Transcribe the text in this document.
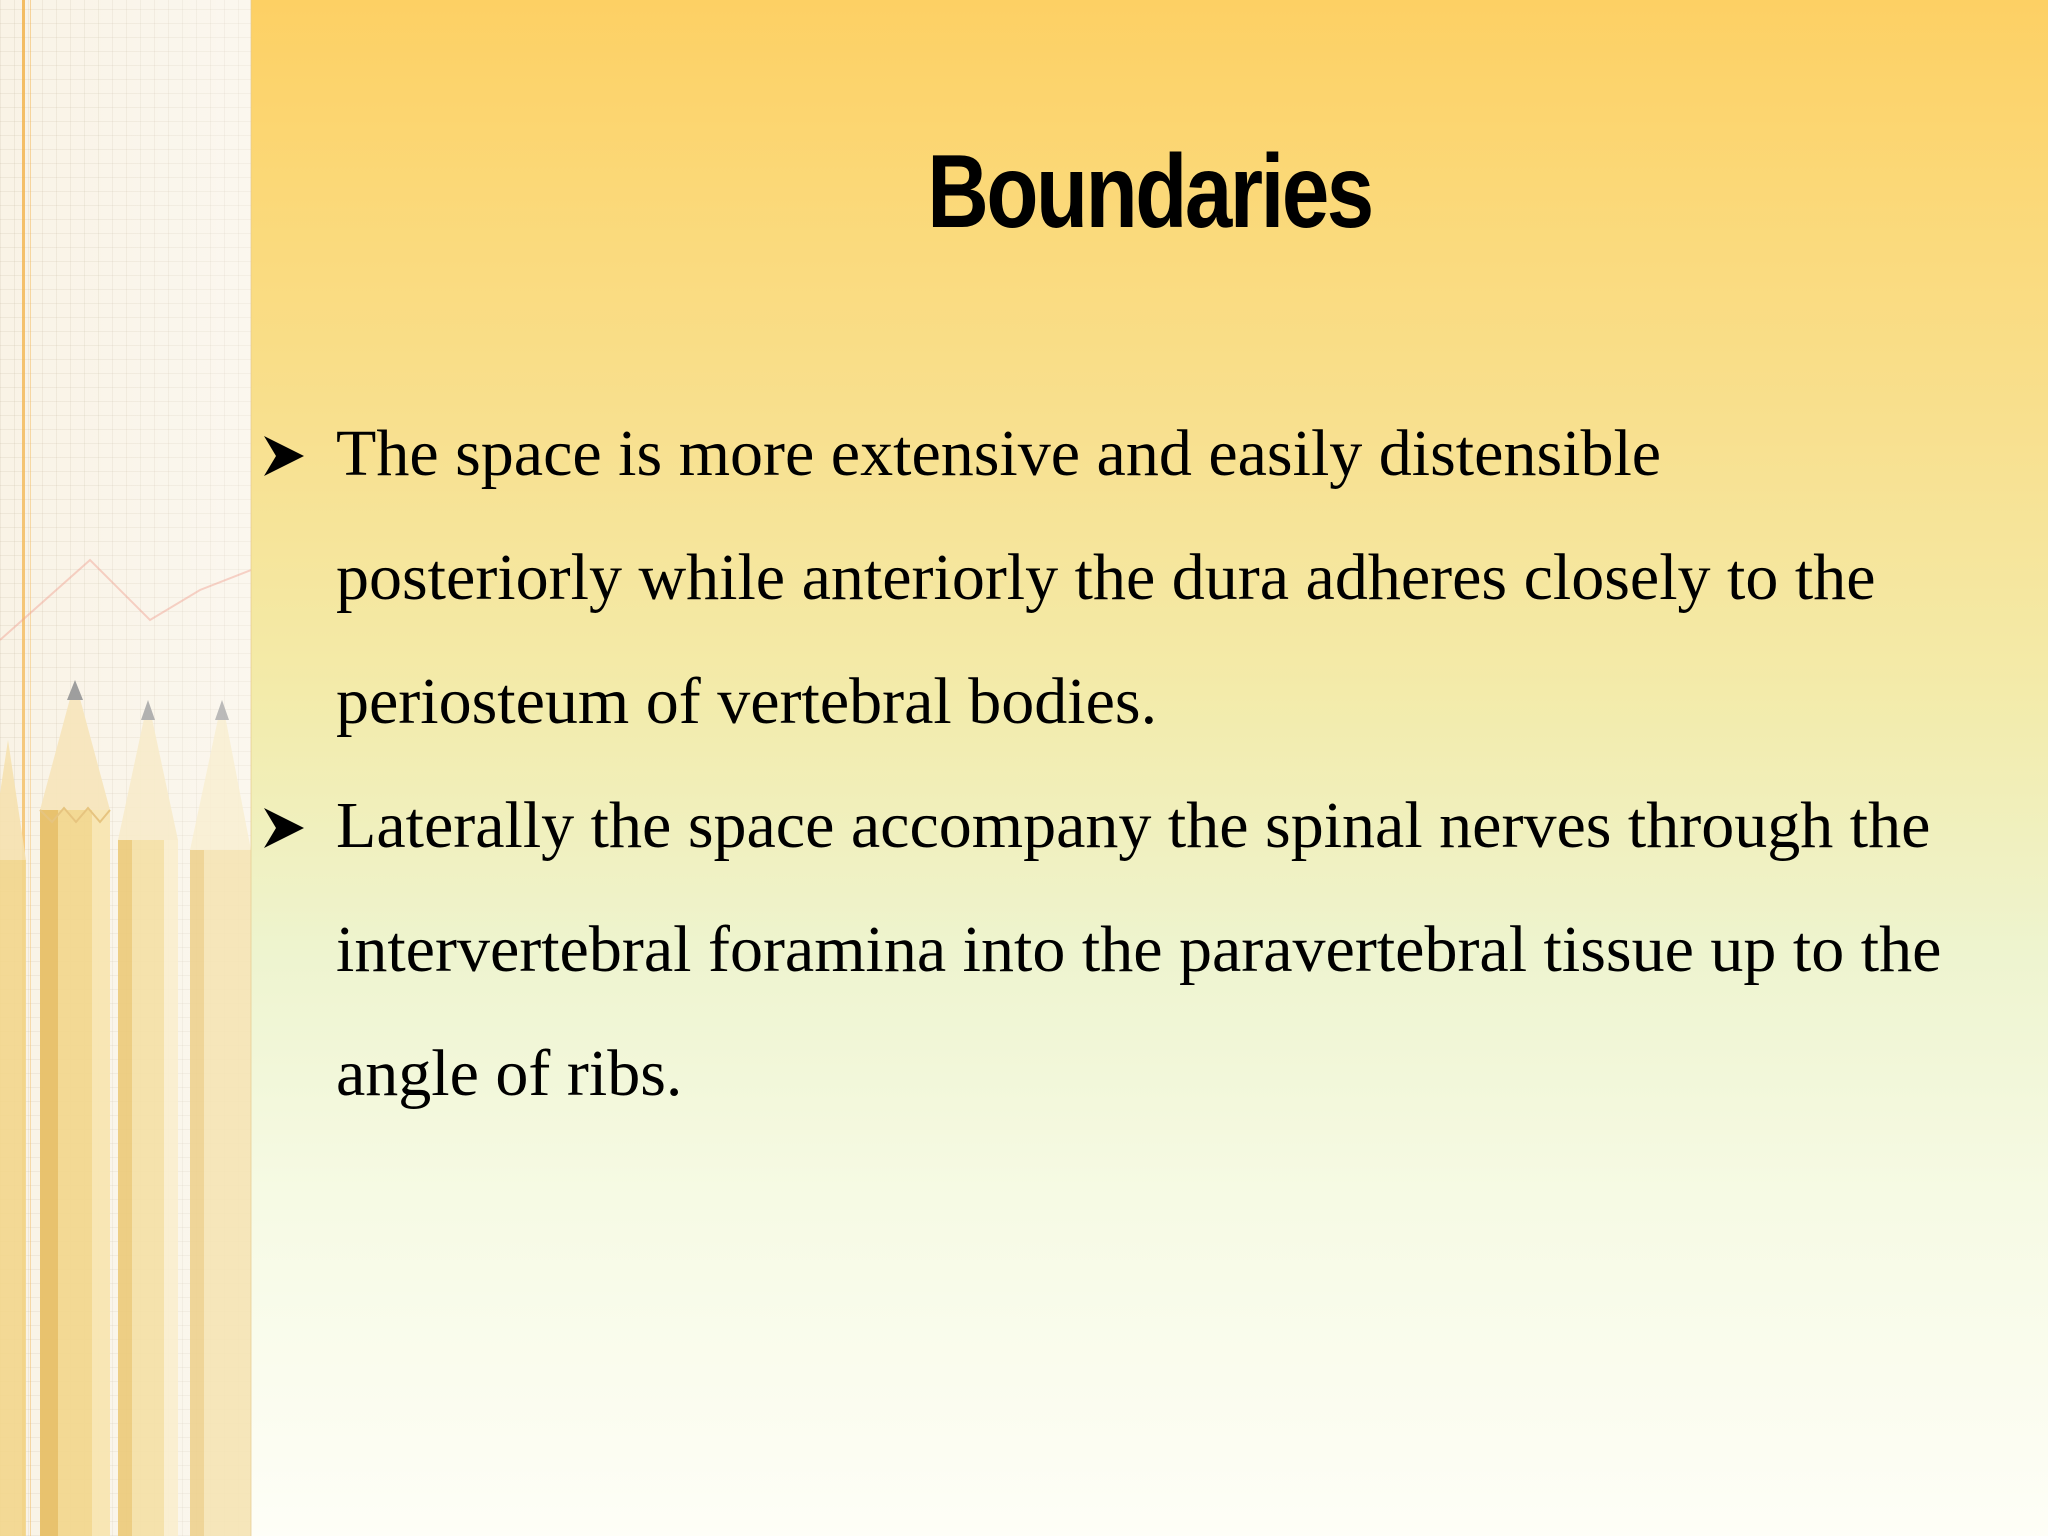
Boundaries
The space is more extensive and easily distensible posteriorly while anteriorly the dura adheres closely to the periosteum of vertebral bodies.
Laterally the space accompany the spinal nerves through the intervertebral foramina into the paravertebral tissue up to the angle of ribs.
